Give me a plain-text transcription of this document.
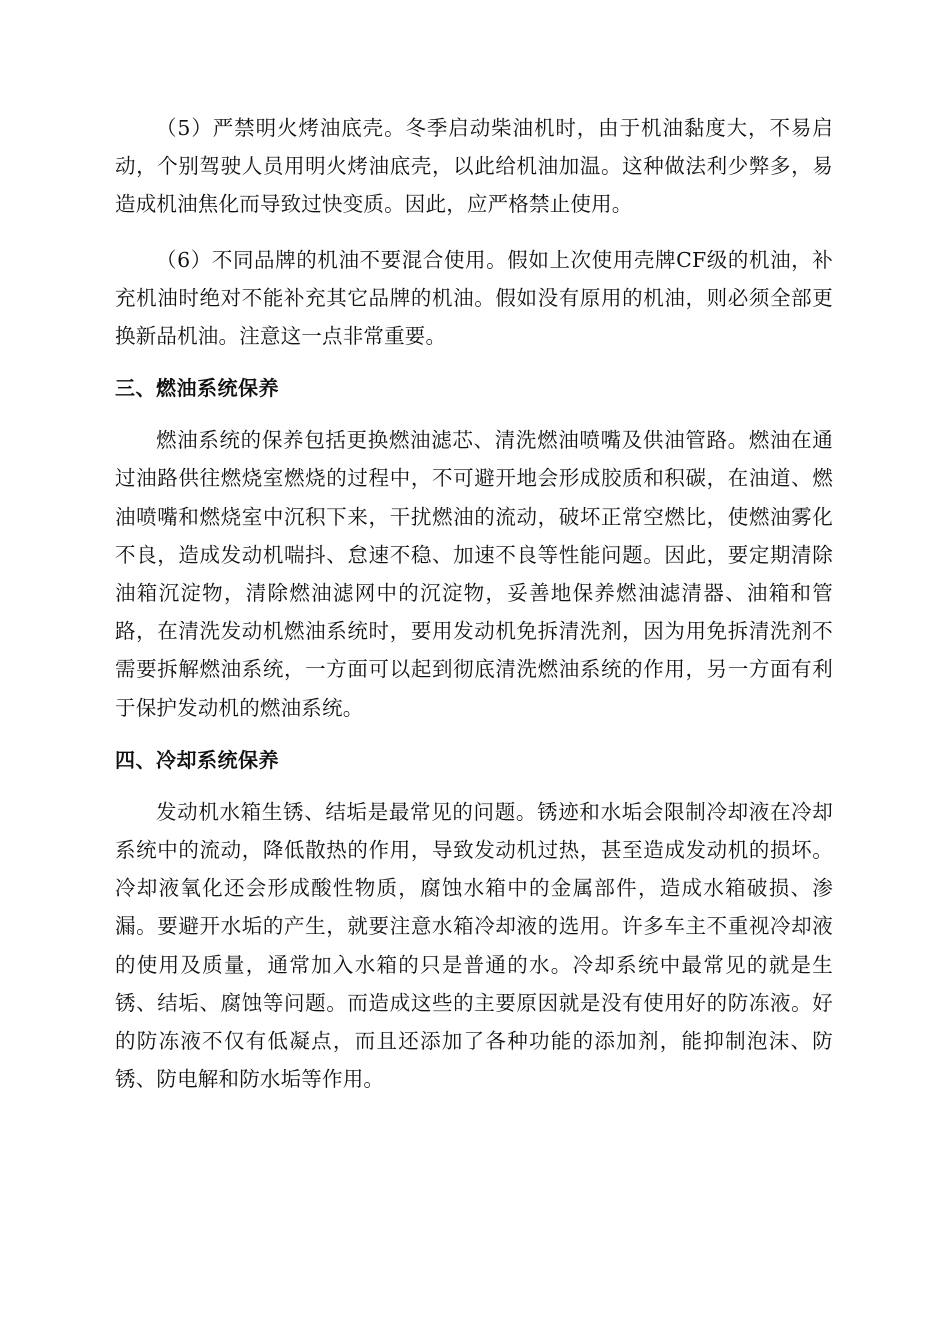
（5）严禁明火烤油底壳。冬季启动柴油机时，由于机油黏度大，不易启动，个别驾驶人员用明火烤油底壳，以此给机油加温。这种做法利少弊多，易造成机油焦化而导致过快变质。因此，应严格禁止使用。

（6）不同品牌的机油不要混合使用。假如上次使用壳牌CF级的机油，补充机油时绝对不能补充其它品牌的机油。假如没有原用的机油，则必须全部更换新品机油。注意这一点非常重要。

三、燃油系统保养

燃油系统的保养包括更换燃油滤芯、清洗燃油喷嘴及供油管路。燃油在通过油路供往燃烧室燃烧的过程中，不可避开地会形成胶质和积碳，在油道、燃油喷嘴和燃烧室中沉积下来，干扰燃油的流动，破坏正常空燃比，使燃油雾化不良，造成发动机喘抖、怠速不稳、加速不良等性能问题。因此，要定期清除油箱沉淀物，清除燃油滤网中的沉淀物，妥善地保养燃油滤清器、油箱和管路，在清洗发动机燃油系统时，要用发动机免拆清洗剂，因为用免拆清洗剂不需要拆解燃油系统，一方面可以起到彻底清洗燃油系统的作用，另一方面有利于保护发动机的燃油系统。

四、冷却系统保养

发动机水箱生锈、结垢是最常见的问题。锈迹和水垢会限制冷却液在冷却系统中的流动，降低散热的作用，导致发动机过热，甚至造成发动机的损坏。冷却液氧化还会形成酸性物质，腐蚀水箱中的金属部件，造成水箱破损、渗漏。要避开水垢的产生，就要注意水箱冷却液的选用。许多车主不重视冷却液的使用及质量，通常加入水箱的只是普通的水。冷却系统中最常见的就是生锈、结垢、腐蚀等问题。而造成这些的主要原因就是没有使用好的防冻液。好的防冻液不仅有低凝点，而且还添加了各种功能的添加剂，能抑制泡沫、防锈、防电解和防水垢等作用。
